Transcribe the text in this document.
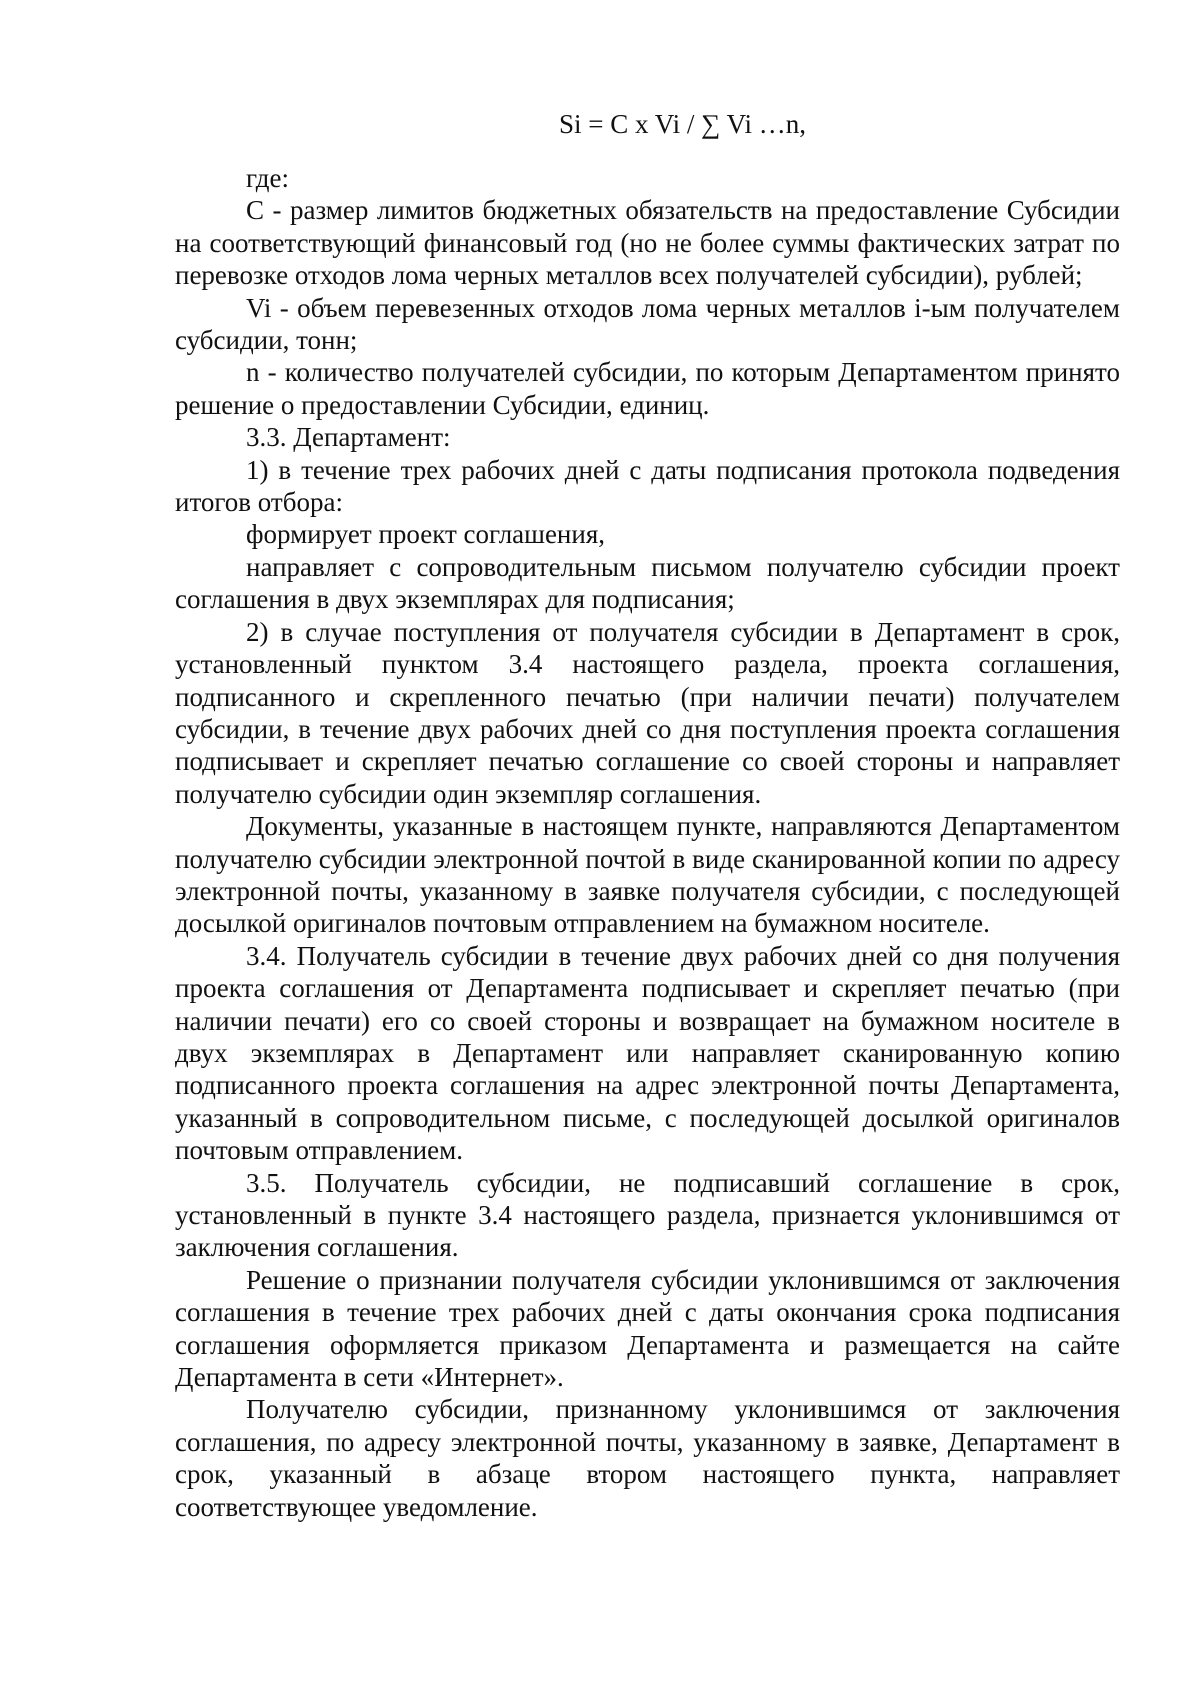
Si = C x Vi / ∑ Vi …n,

где:

C - размер лимитов бюджетных обязательств на предоставление Субсидии на соответствующий финансовый год (но не более суммы фактических затрат по перевозке отходов лома черных металлов всех получателей субсидии), рублей;

Vi - объем перевезенных отходов лома черных металлов i-ым получателем субсидии, тонн;

n - количество получателей субсидии, по которым Департаментом принято решение о предоставлении Субсидии, единиц.

3.3. Департамент:

1) в течение трех рабочих дней с даты подписания протокола подведения итогов отбора:

формирует проект соглашения,

направляет с сопроводительным письмом получателю субсидии проект соглашения в двух экземплярах для подписания;

2) в случае поступления от получателя субсидии в Департамент в срок, установленный пунктом 3.4 настоящего раздела, проекта соглашения, подписанного и скрепленного печатью (при наличии печати) получателем субсидии, в течение двух рабочих дней со дня поступления проекта соглашения подписывает и скрепляет печатью соглашение со своей стороны и направляет получателю субсидии один экземпляр соглашения.

Документы, указанные в настоящем пункте, направляются Департаментом получателю субсидии электронной почтой в виде сканированной копии по адресу электронной почты, указанному в заявке получателя субсидии, с последующей досылкой оригиналов почтовым отправлением на бумажном носителе.

3.4. Получатель субсидии в течение двух рабочих дней со дня получения проекта соглашения от Департамента подписывает и скрепляет печатью (при наличии печати) его со своей стороны и возвращает на бумажном носителе в двух экземплярах в Департамент или направляет сканированную копию подписанного проекта соглашения на адрес электронной почты Департамента, указанный в сопроводительном письме, с последующей досылкой оригиналов почтовым отправлением.

3.5. Получатель субсидии, не подписавший соглашение в срок, установленный в пункте 3.4 настоящего раздела, признается уклонившимся от заключения соглашения.

Решение о признании получателя субсидии уклонившимся от заключения соглашения в течение трех рабочих дней с даты окончания срока подписания соглашения оформляется приказом Департамента и размещается на сайте Департамента в сети «Интернет».

Получателю субсидии, признанному уклонившимся от заключения соглашения, по адресу электронной почты, указанному в заявке, Департамент в срок, указанный в абзаце втором настоящего пункта, направляет соответствующее уведомление.
